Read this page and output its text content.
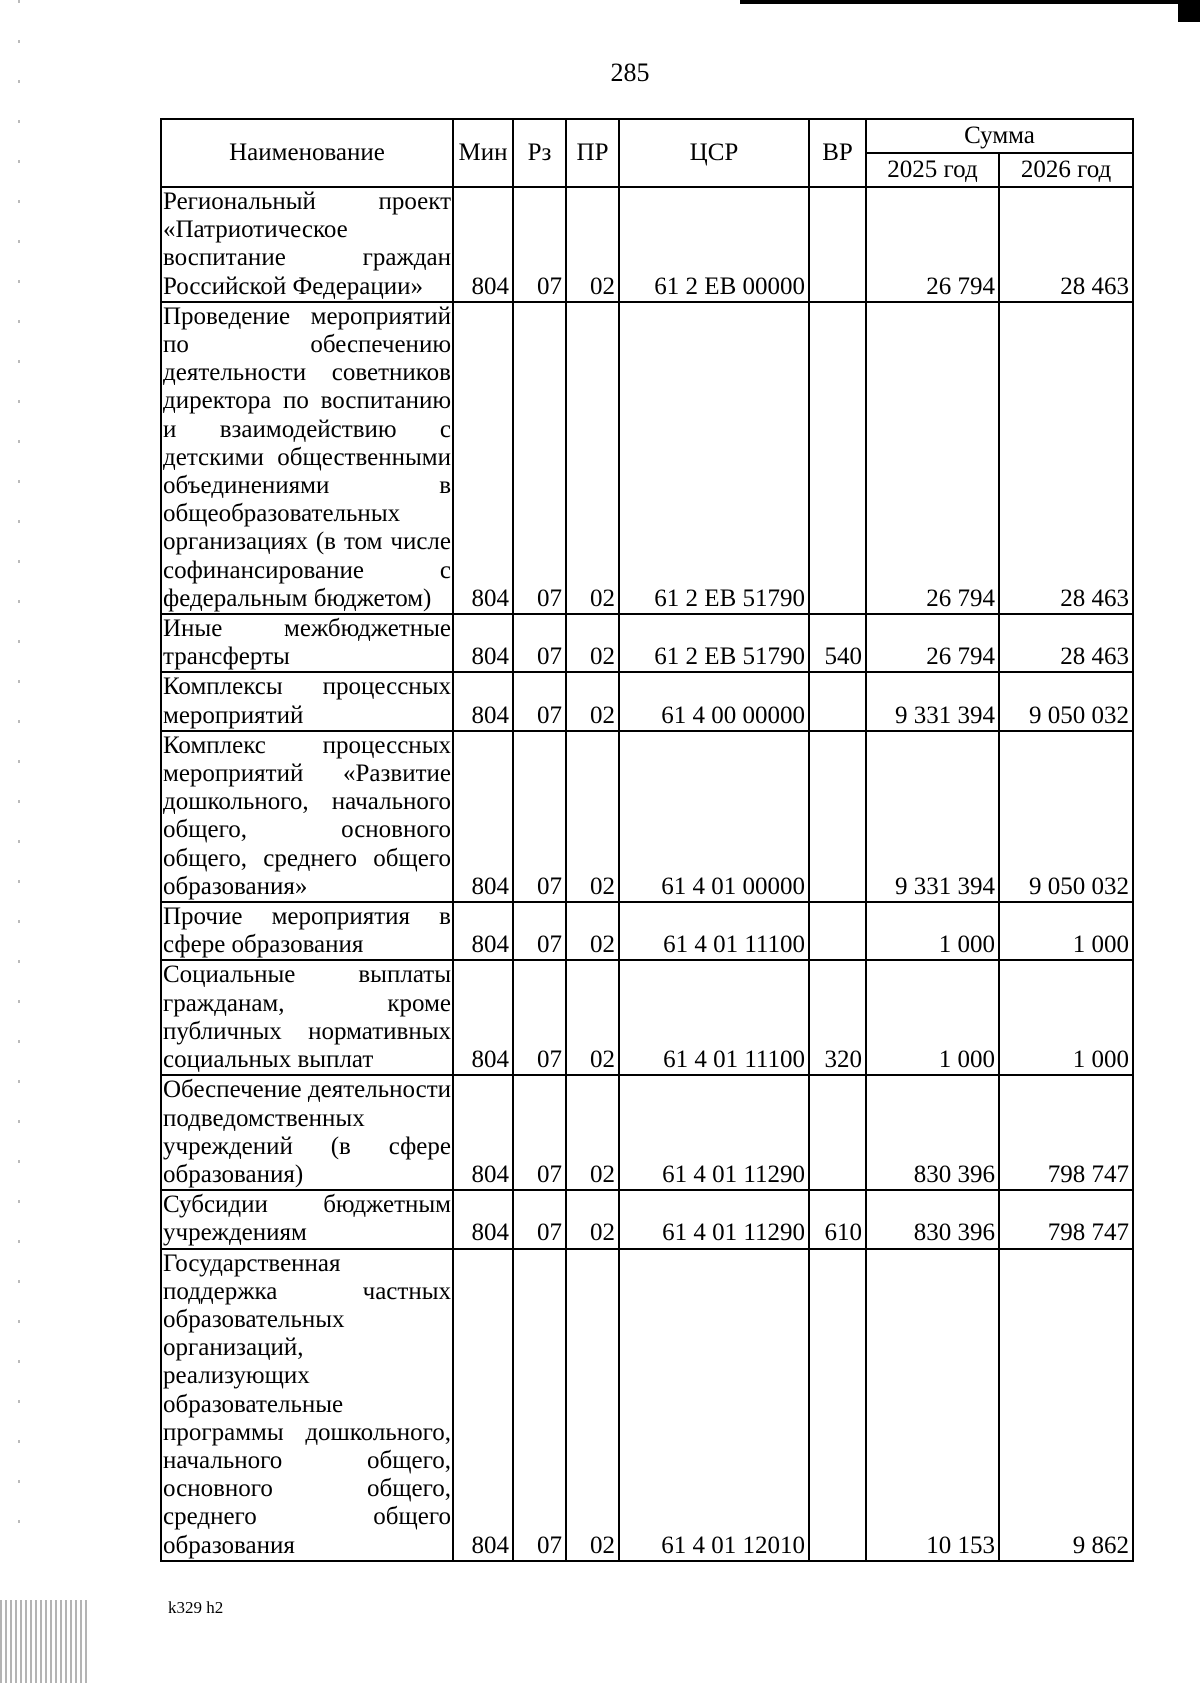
285
Наименование	Мин	Рз	ПР	ЦСР	ВР	Сумма	
						2025 год	2026 год
Региональный проект «Патриотическое воспитание граждан Российской Федерации»	804	07	02	61 2 ЕВ 00000		26 794	28 463
Проведение мероприятий по обеспечению деятельности советников директора по воспитанию и взаимодействию с детскими общественными объединениями в общеобразовательных организациях (в том числе софинансирование с федеральным бюджетом)	804	07	02	61 2 ЕВ 51790		26 794	28 463
Иные межбюджетные трансферты	804	07	02	61 2 ЕВ 51790	540	26 794	28 463
Комплексы процессных мероприятий	804	07	02	61 4 00 00000		9 331 394	9 050 032
Комплекс процессных мероприятий «Развитие дошкольного, начального общего, основного общего, среднего общего образования»	804	07	02	61 4 01 00000		9 331 394	9 050 032
Прочие мероприятия в сфере образования	804	07	02	61 4 01 11100		1 000	1 000
Социальные выплаты гражданам, кроме публичных нормативных социальных выплат	804	07	02	61 4 01 11100	320	1 000	1 000
Обеспечение деятельности подведомственных учреждений (в сфере образования)	804	07	02	61 4 01 11290		830 396	798 747
Субсидии бюджетным учреждениям	804	07	02	61 4 01 11290	610	830 396	798 747
Государственная поддержка частных образовательных организаций, реализующих образовательные программы дошкольного, начального общего, основного общего, среднего общего образования	804	07	02	61 4 01 12010		10 153	9 862
k329 h2
